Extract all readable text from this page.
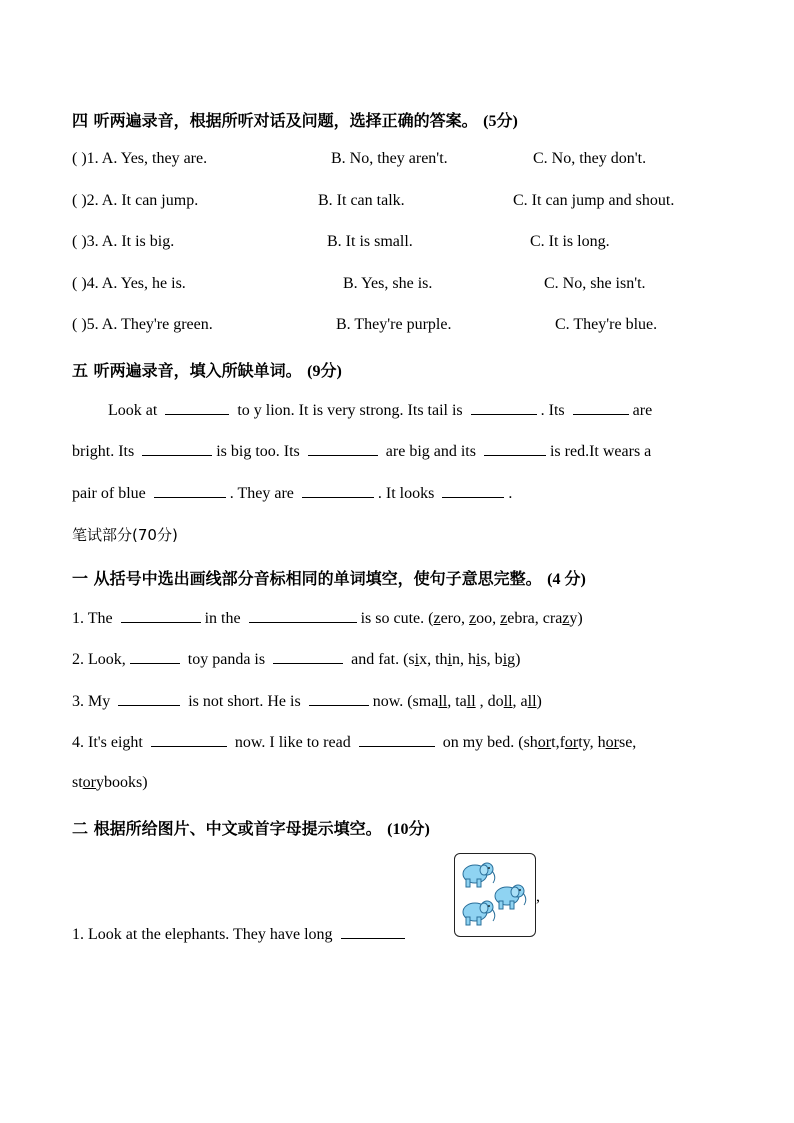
四 听两遍录音，根据所听对话及问题，选择正确的答案。 (5分)
( )1. A. Yes, they are.	B. No, they aren't.	C. No, they don't.
( )2. A. It can jump.	B. It can talk.	C. It can jump and shout.
( )3. A. It is big.	B. It is small.	C. It is long.
( )4. A. Yes, he is.	B. Yes, she is.	C. No, she isn't.
( )5. A. They're green.	B. They're purple.	C. They're blue.
五 听两遍录音，填入所缺单词。 (9分)
Look at	to y lion. It is very strong. Its tail is	. Its	are
bright. Its	is big too. Its	are big and its	is red.It wears a
pair of blue	. They are	. It looks	.
笔试部分(70分)
一 从括号中选出画线部分音标相同的单词填空，使句子意思完整。 (4 分)
1. The	in the	is so cute. (zero, zoo, zebra, crazy)
2. Look,	toy panda is	and fat. (six, thin, his, big)
3. My	is not short. He is	now. (small, tall , doll, all)
4. It's eight	now. I like to read	on my bed. (short,forty, horse,
storybooks)
二 根据所给图片、中文或首字母提示填空。 (10分)
1. Look at the elephants. They have long
,
